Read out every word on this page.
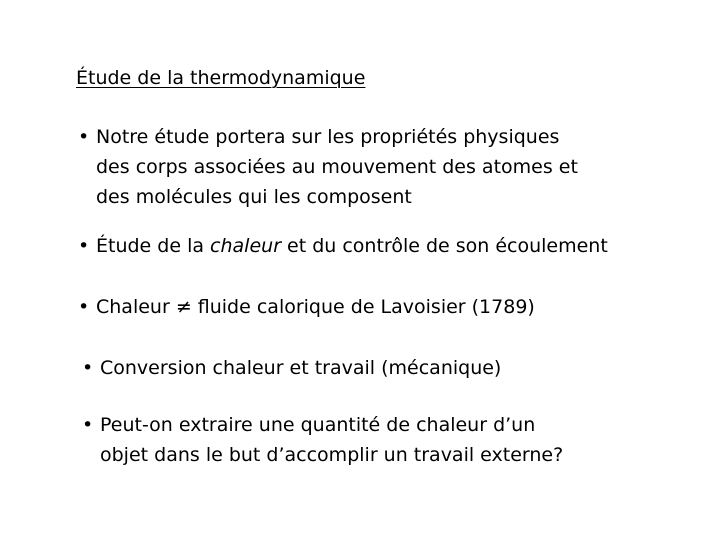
Étude de la thermodynamique
• Notre étude portera sur les propriétés physiques
des corps associées au mouvement des atomes et
des molécules qui les composent
• Étude de la chaleur et du contrôle de son écoulement
• Chaleur ≠ fluide calorique de Lavoisier (1789)
• Conversion chaleur et travail (mécanique)
• Peut-on extraire une quantité de chaleur d’un
objet dans le but d’accomplir un travail externe?
